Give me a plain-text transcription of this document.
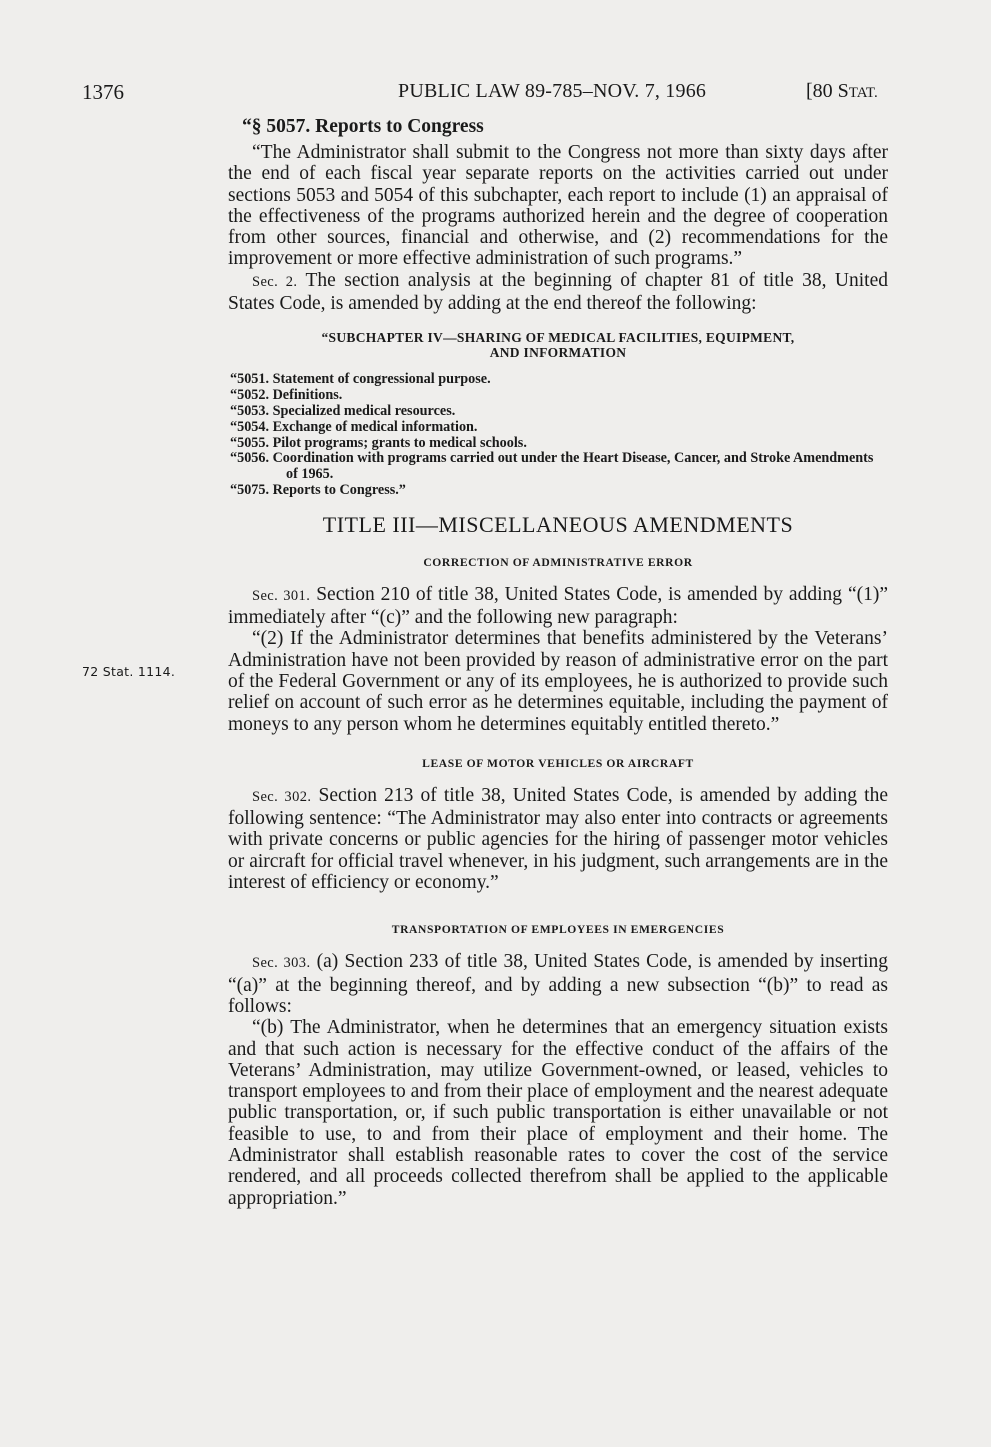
1376	PUBLIC LAW 89-785–NOV. 7, 1966	[80 STAT.
72 Stat. 1114.
“§ 5057. Reports to Congress

“The Administrator shall submit to the Congress not more than sixty days after the end of each fiscal year separate reports on the activities carried out under sections 5053 and 5054 of this subchapter, each report to include (1) an appraisal of the effectiveness of the programs authorized herein and the degree of cooperation from other sources, financial and otherwise, and (2) recommendations for the improvement or more effective administration of such programs.”

Sec. 2. The section analysis at the beginning of chapter 81 of title 38, United States Code, is amended by adding at the end thereof the following:

“SUBCHAPTER IV—SHARING OF MEDICAL FACILITIES, EQUIPMENT,
AND INFORMATION
“5051. Statement of congressional purpose.
“5052. Definitions.
“5053. Specialized medical resources.
“5054. Exchange of medical information.
“5055. Pilot programs; grants to medical schools.
“5056. Coordination with programs carried out under the Heart Disease, Cancer, and Stroke Amendments of 1965.
“5075. Reports to Congress.”
TITLE III—MISCELLANEOUS AMENDMENTS
CORRECTION OF ADMINISTRATIVE ERROR

Sec. 301. Section 210 of title 38, United States Code, is amended by adding “(1)” immediately after “(c)” and the following new paragraph:

“(2) If the Administrator determines that benefits administered by the Veterans’ Administration have not been provided by reason of administrative error on the part of the Federal Government or any of its employees, he is authorized to provide such relief on account of such error as he determines equitable, including the payment of moneys to any person whom he determines equitably entitled thereto.”

LEASE OF MOTOR VEHICLES OR AIRCRAFT

Sec. 302. Section 213 of title 38, United States Code, is amended by adding the following sentence: “The Administrator may also enter into contracts or agreements with private concerns or public agencies for the hiring of passenger motor vehicles or aircraft for official travel whenever, in his judgment, such arrangements are in the interest of efficiency or economy.”

TRANSPORTATION OF EMPLOYEES IN EMERGENCIES

Sec. 303. (a) Section 233 of title 38, United States Code, is amended by inserting “(a)” at the beginning thereof, and by adding a new subsection “(b)” to read as follows:

“(b) The Administrator, when he determines that an emergency situation exists and that such action is necessary for the effective conduct of the affairs of the Veterans’ Administration, may utilize Government-owned, or leased, vehicles to transport employees to and from their place of employment and the nearest adequate public transportation, or, if such public transportation is either unavailable or not feasible to use, to and from their place of employment and their home. The Administrator shall establish reasonable rates to cover the cost of the service rendered, and all proceeds collected therefrom shall be applied to the applicable appropriation.”
